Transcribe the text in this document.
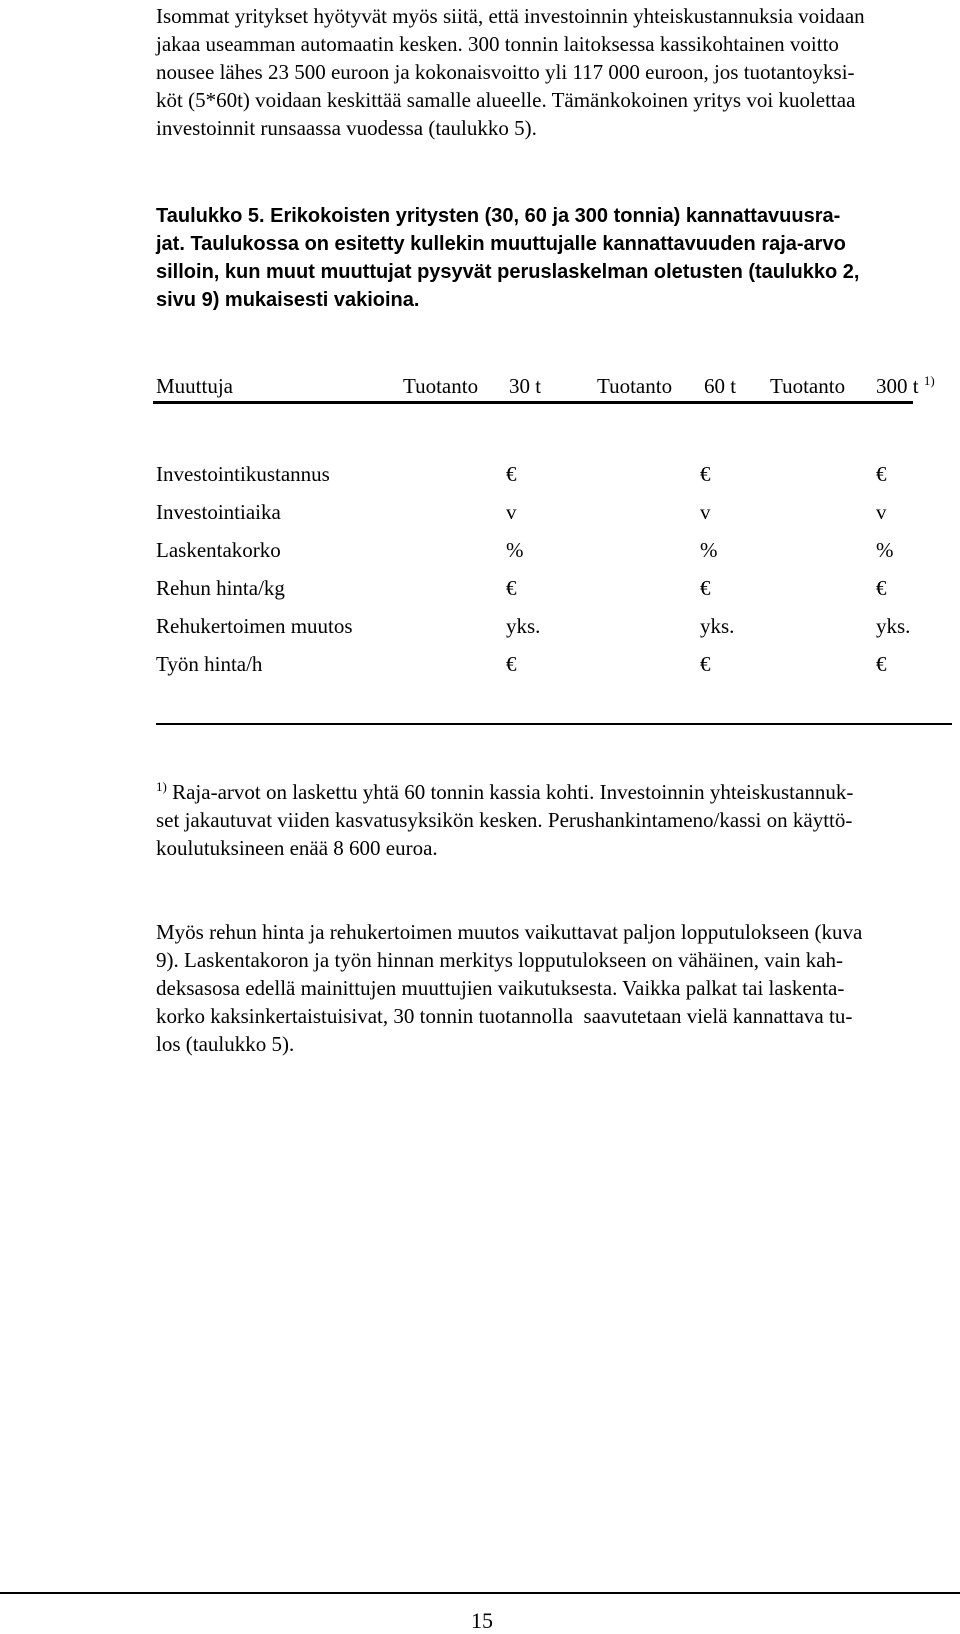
Isommat yritykset hyötyvät myös siitä, että investoinnin yhteiskustannuksia voidaan
jakaa useamman automaatin kesken. 300 tonnin laitoksessa kassikohtainen voitto
nousee lähes 23 500 euroon ja kokonaisvoitto yli 117 000 euroon, jos tuotantoyksi-
köt (5*60t) voidaan keskittää samalle alueelle. Tämänkokoinen yritys voi kuolettaa
investoinnit runsaassa vuodessa (taulukko 5).

Taulukko 5. Erikokoisten yritysten (30, 60 ja 300 tonnia) kannattavuusra-
jat. Taulukossa on esitetty kullekin muuttujalle kannattavuuden raja-arvo
silloin, kun muut muuttujat pysyvät peruslaskelman oletusten (taulukko 2,
sivu 9) mukaisesti vakioina.

Muuttuja	Tuotanto 30 t	Tuotanto 60 t Tuotanto 300 t $^{1)}$
Investointikustannus	€	€	€
Investointiaika	v	v	v
Laskentakorko	%	%	%
Rehun hinta/kg	€	€	€
Rehukertoimen muutos	yks.	yks.	yks.
Työn hinta/h	€	€	€

$^{1)}$ Raja-arvot on laskettu yhtä 60 tonnin kassia kohti. Investoinnin yhteiskustannuk-
set jakautuvat viiden kasvatusyksikön kesken. Perushankintameno/kassi on käyttö-
koulutuksineen enää 8 600 euroa.

Myös rehun hinta ja rehukertoimen muutos vaikuttavat paljon lopputulokseen (kuva
9). Laskentakoron ja työn hinnan merkitys lopputulokseen on vähäinen, vain kah-
deksasosa edellä mainittujen muuttujien vaikutuksesta. Vaikka palkat tai laskenta-
korko kaksinkertaistuisivat, 30 tonnin tuotannolla  saavutetaan vielä kannattava tu-
los (taulukko 5).

15
